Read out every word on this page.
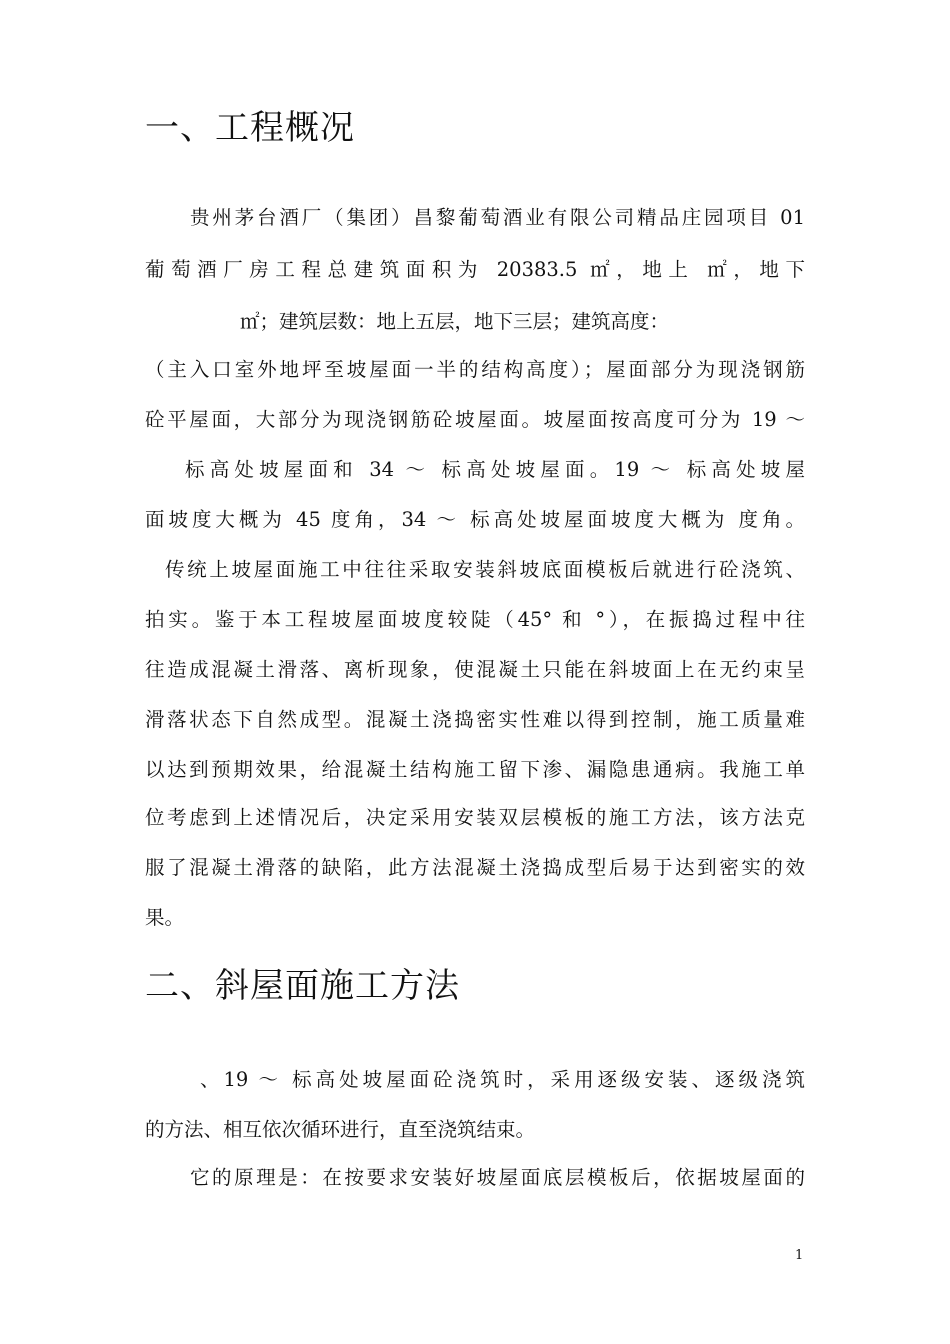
一、工程概况

贵州茅台酒厂（集团）昌黎葡萄酒业有限公司精品庄园项目 01

葡萄酒厂房工程总建筑面积为 20383.5 ㎡，地上 ㎡，地下

㎡；建筑层数：地上五层，地下三层；建筑高度：

（主入口室外地坪至坡屋面一半的结构高度）；屋面部分为现浇钢筋

砼平屋面，大部分为现浇钢筋砼坡屋面。坡屋面按高度可分为 19 ～

标高处坡屋面和 34 ～ 标高处坡屋面。19 ～ 标高处坡屋

面坡度大概为 45 度角，34 ～ 标高处坡屋面坡度大概为 度角。

传统上坡屋面施工中往往采取安装斜坡底面模板后就进行砼浇筑、

拍实。鉴于本工程坡屋面坡度较陡（45° 和 °），在振捣过程中往

往造成混凝土滑落、离析现象，使混凝土只能在斜坡面上在无约束呈

滑落状态下自然成型。混凝土浇捣密实性难以得到控制，施工质量难

以达到预期效果，给混凝土结构施工留下渗、漏隐患通病。我施工单

位考虑到上述情况后，决定采用安装双层模板的施工方法，该方法克

服了混凝土滑落的缺陷，此方法混凝土浇捣成型后易于达到密实的效

果。

二、斜屋面施工方法

、19 ～ 标高处坡屋面砼浇筑时，采用逐级安装、逐级浇筑

的方法、相互依次循环进行，直至浇筑结束。

它的原理是：在按要求安装好坡屋面底层模板后，依据坡屋面的

1
